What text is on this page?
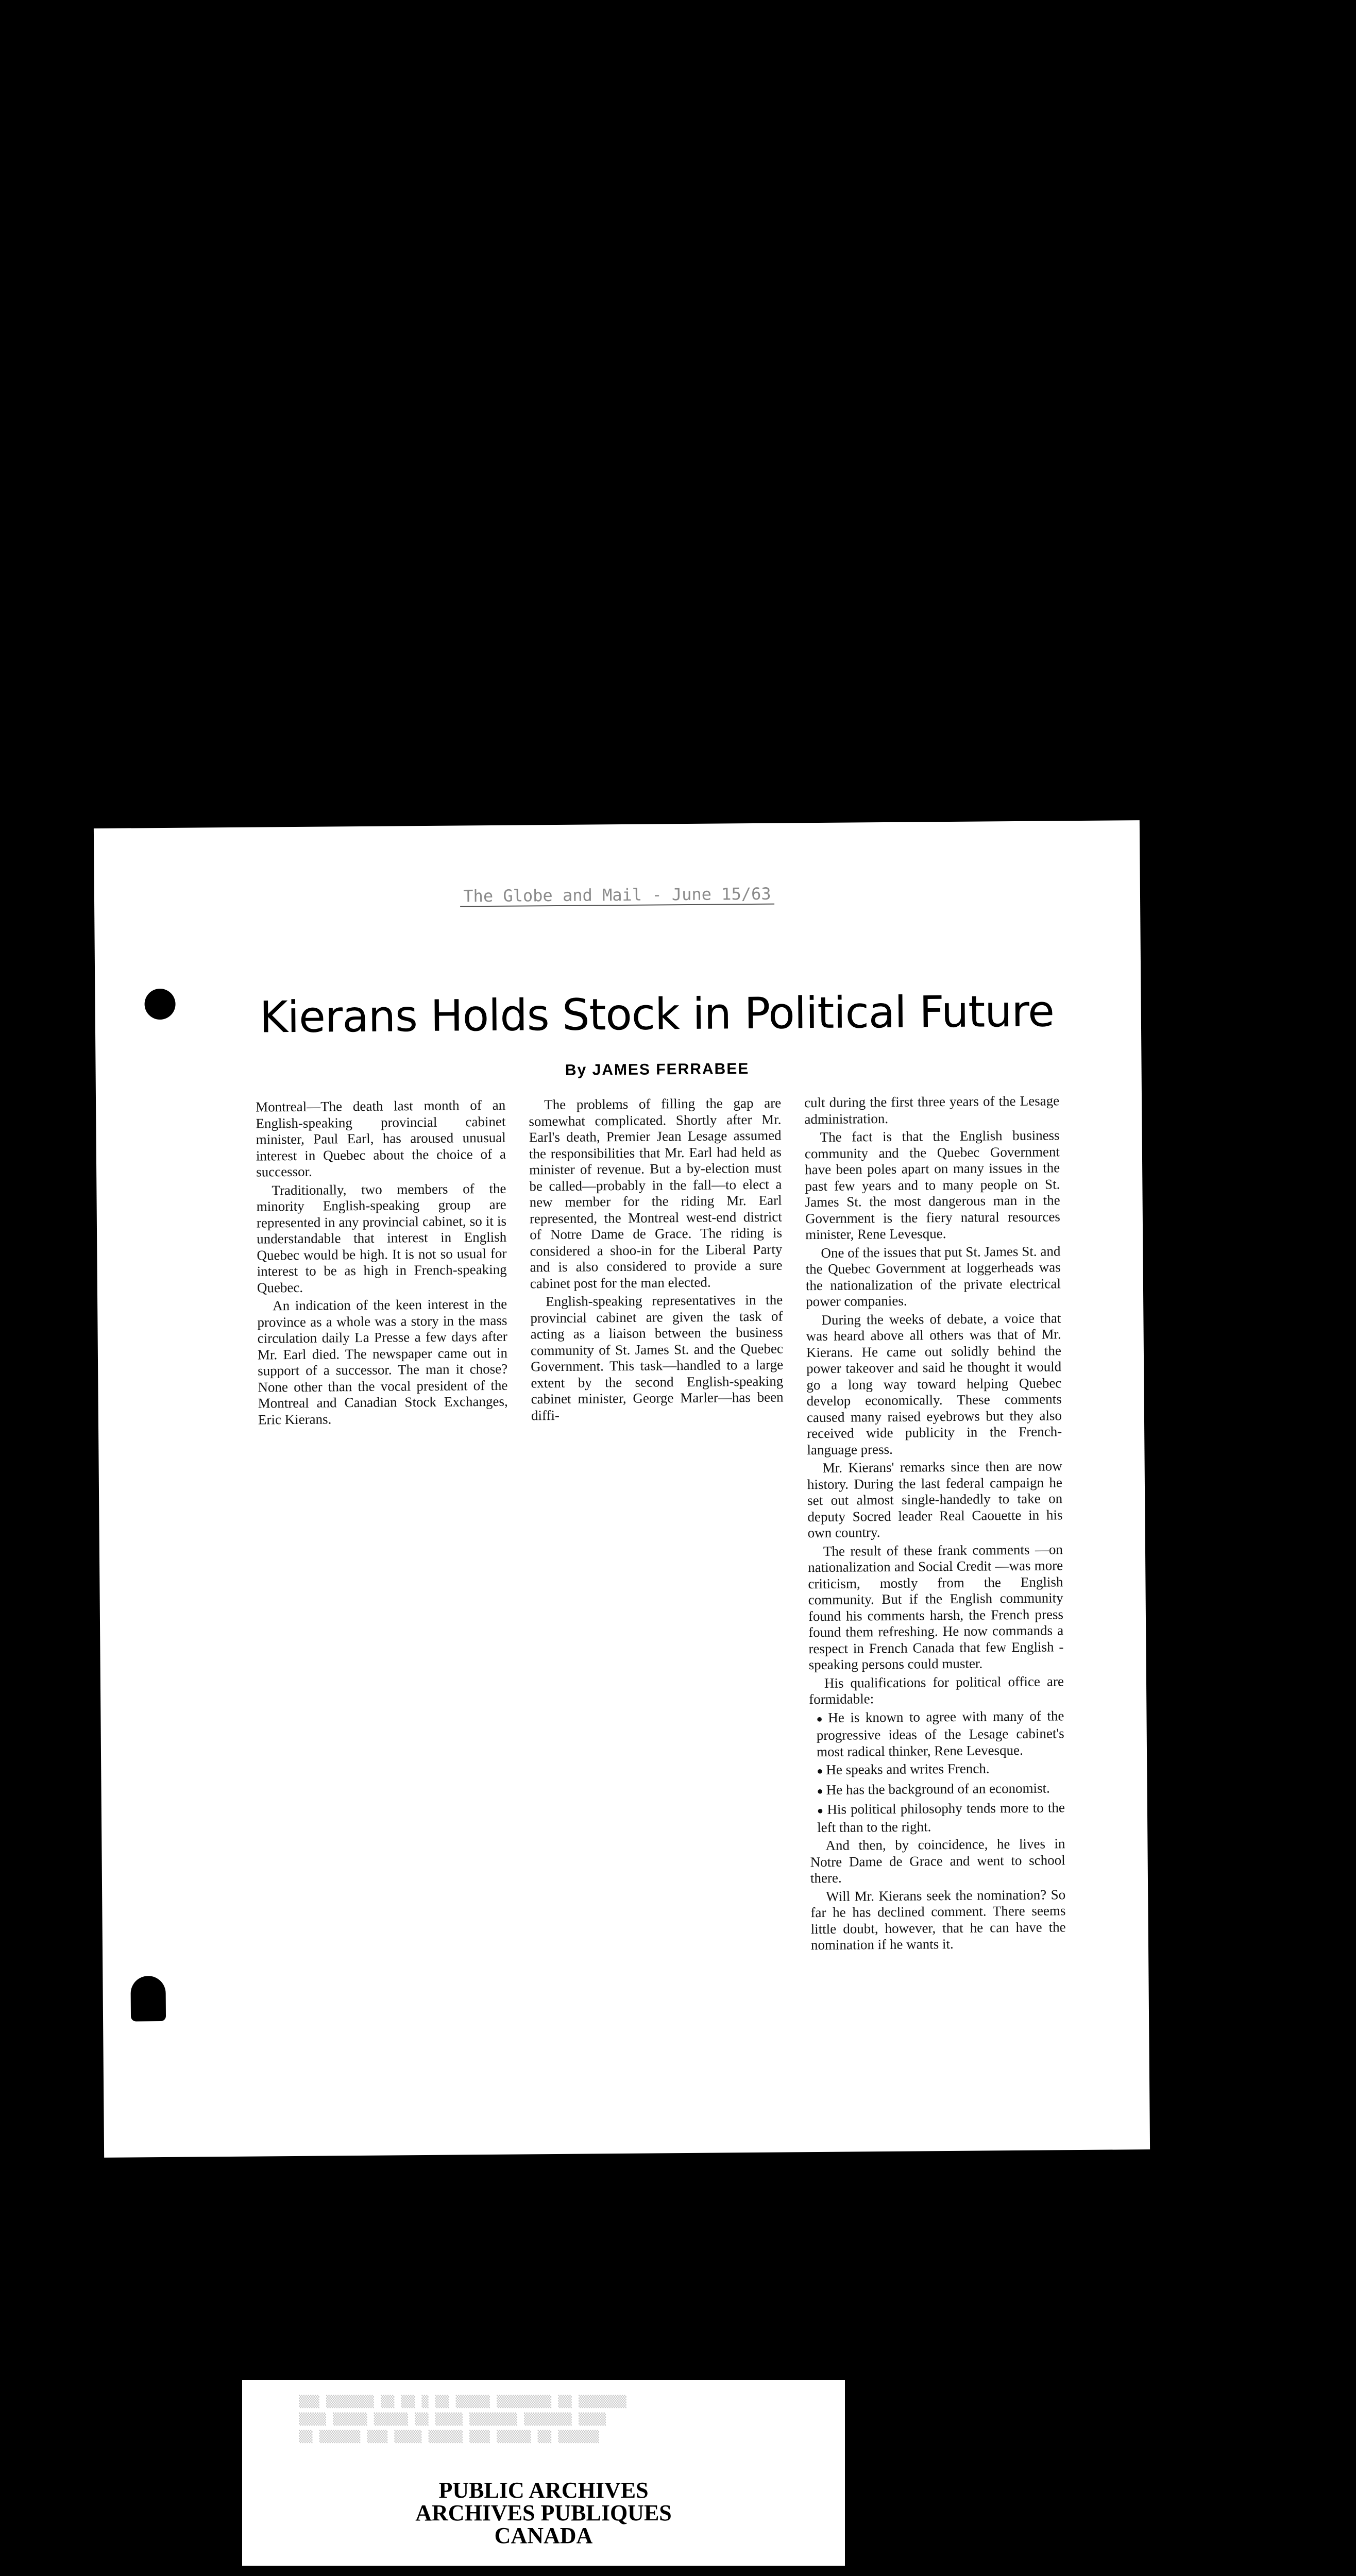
The Globe and Mail - June 15/63
Kierans Holds Stock in Political Future
By JAMES FERRABEE

Montreal—The death last month of an English-speaking provincial cabinet minister, Paul Earl, has aroused unusual interest in Quebec about the choice of a successor.

Traditionally, two members of the minority English-speaking group are represented in any provincial cabinet, so it is understandable that interest in English Quebec would be high. It is not so usual for interest to be as high in French-speaking Quebec.

An indication of the keen interest in the province as a whole was a story in the mass circulation daily La Presse a few days after Mr. Earl died. The newspaper came out in support of a successor. The man it chose? None other than the vocal president of the Montreal and Canadian Stock Exchanges, Eric Kierans.

The problems of filling the gap are somewhat complicated. Shortly after Mr. Earl's death, Premier Jean Lesage assumed the responsibilities that Mr. Earl had held as minister of revenue. But a by-election must be called—probably in the fall—to elect a new member for the riding Mr. Earl represented, the Montreal west-end district of Notre Dame de Grace. The riding is considered a shoo-in for the Liberal Party and is also considered to provide a sure cabinet post for the man elected.

English-speaking representatives in the provincial cabinet are given the task of acting as a liaison between the business community of St. James St. and the Quebec Government. This task—handled to a large extent by the second English-speaking cabinet minister, George Marler—has been diffi-

cult during the first three years of the Lesage administration.

The fact is that the English business community and the Quebec Government have been poles apart on many issues in the past few years and to many people on St. James St. the most dangerous man in the Government is the fiery natural resources minister, Rene Levesque.

One of the issues that put St. James St. and the Quebec Government at loggerheads was the nationalization of the private electrical power companies.

During the weeks of debate, a voice that was heard above all others was that of Mr. Kierans. He came out solidly behind the power takeover and said he thought it would go a long way toward helping Quebec develop economically. These comments caused many raised eyebrows but they also received wide publicity in the French-language press.

Mr. Kierans' remarks since then are now history. During the last federal campaign he set out almost single-handedly to take on deputy Socred leader Real Caouette in his own country.

The result of these frank comments —on nationalization and Social Credit —was more criticism, mostly from the English community. But if the English community found his comments harsh, the French press found them refreshing. He now commands a respect in French Canada that few English - speaking persons could muster.

His qualifications for political office are formidable:

● He is known to agree with many of the progressive ideas of the Lesage cabinet's most radical thinker, Rene Levesque.

● He speaks and writes French.

● He has the background of an economist.

● His political philosophy tends more to the left than to the right.

And then, by coincidence, he lives in Notre Dame de Grace and went to school there.

Will Mr. Kierans seek the nomination? So far he has declined comment. There seems little doubt, however, that he can have the nomination if he wants it.

▒▒▒ ▒▒▒▒▒▒▒ ▒▒ ▒▒ ▒ ▒▒ ▒▒▒▒▒ ▒▒▒▒▒▒▒▒ ▒▒ ▒▒▒▒▒▒▒
▒▒▒▒ ▒▒▒▒▒ ▒▒▒▒▒ ▒▒ ▒▒▒▒ ▒▒▒▒▒▒▒ ▒▒▒▒▒▒▒ ▒▒▒▒
▒▒ ▒▒▒▒▒▒ ▒▒▒ ▒▒▒▒ ▒▒▒▒▒ ▒▒▒ ▒▒▒▒▒ ▒▒ ▒▒▒▒▒▒
PUBLIC ARCHIVES
ARCHIVES PUBLIQUES
CANADA
